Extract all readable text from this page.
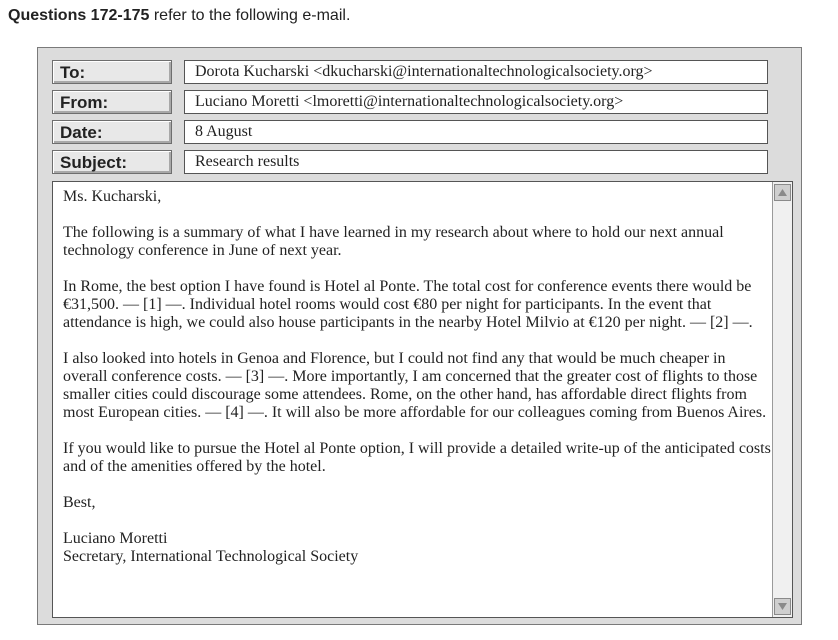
Questions 172-175 refer to the following e-mail.
To:	Dorota Kucharski <dkucharski@internationaltechnologicalsociety.org>
From:	Luciano Moretti <lmoretti@internationaltechnologicalsociety.org>
Date:	8 August
Subject:	Research results

Ms. Kucharski,

The following is a summary of what I have learned in my research about where to hold our next annual technology conference in June of next year.

In Rome, the best option I have found is Hotel al Ponte. The total cost for conference events there would be €31,500. — [1] —. Individual hotel rooms would cost €80 per night for participants. In the event that attendance is high, we could also house participants in the nearby Hotel Milvio at €120 per night. — [2] —.

I also looked into hotels in Genoa and Florence, but I could not find any that would be much cheaper in overall conference costs. — [3] —. More importantly, I am concerned that the greater cost of flights to those smaller cities could discourage some attendees. Rome, on the other hand, has affordable direct flights from most European cities. — [4] —. It will also be more affordable for our colleagues coming from Buenos Aires.

If you would like to pursue the Hotel al Ponte option, I will provide a detailed write-up of the anticipated costs and of the amenities offered by the hotel.

Best,

Luciano Moretti

Secretary, International Technological Society
